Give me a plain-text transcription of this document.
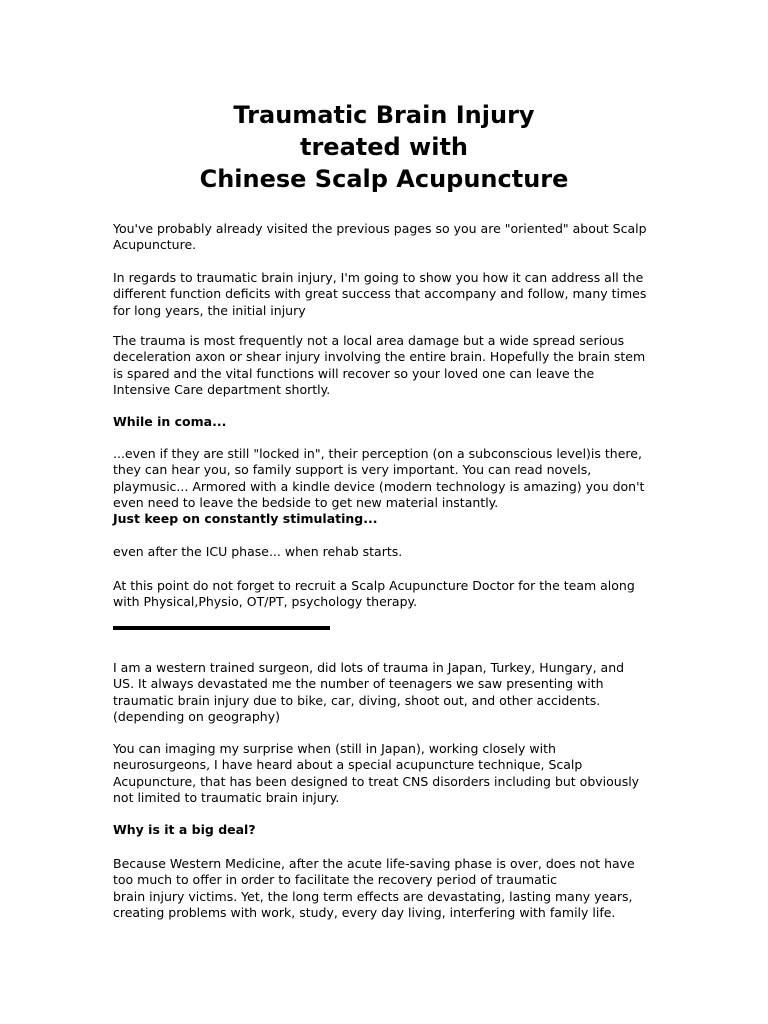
Traumatic Brain Injury
treated with
Chinese Scalp Acupuncture
You've probably already visited the previous pages so you are "oriented" about Scalp
Acupuncture.
In regards to traumatic brain injury, I'm going to show you how it can address all the
different function deficits with great success that accompany and follow, many times
for long years, the initial injury
The trauma is most frequently not a local area damage but a wide spread serious
deceleration axon or shear injury involving the entire brain. Hopefully the brain stem
is spared and the vital functions will recover so your loved one can leave the
Intensive Care department shortly.
While in coma...
...even if they are still "locked in", their perception (on a subconscious level)is there,
they can hear you, so family support is very important. You can read novels,
playmusic... Armored with a kindle device (modern technology is amazing) you don't
even need to leave the bedside to get new material instantly.
Just keep on constantly stimulating...
even after the ICU phase... when rehab starts.
At this point do not forget to recruit a Scalp Acupuncture Doctor for the team along
with Physical,Physio, OT/PT, psychology therapy.
I am a western trained surgeon, did lots of trauma in Japan, Turkey, Hungary, and
US. It always devastated me the number of teenagers we saw presenting with
traumatic brain injury due to bike, car, diving, shoot out, and other accidents.
(depending on geography)
You can imaging my surprise when (still in Japan), working closely with
neurosurgeons, I have heard about a special acupuncture technique, Scalp
Acupuncture, that has been designed to treat CNS disorders including but obviously
not limited to traumatic brain injury.
Why is it a big deal?
Because Western Medicine, after the acute life-saving phase is over, does not have
too much to offer in order to facilitate the recovery period of traumatic
brain injury victims. Yet, the long term effects are devastating, lasting many years,
creating problems with work, study, every day living, interfering with family life.
